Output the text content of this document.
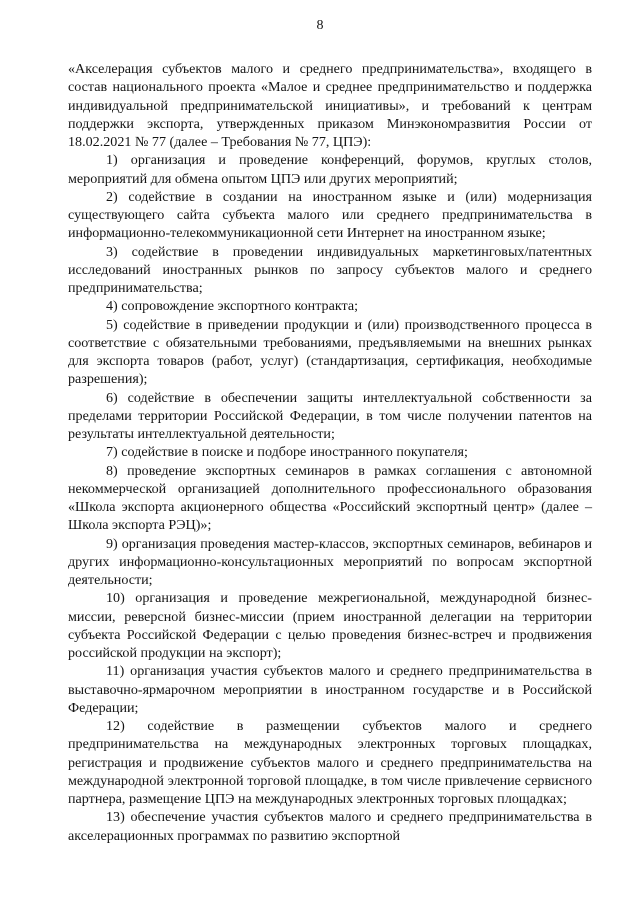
8

«Акселерация субъектов малого и среднего предпринимательства», входящего в состав национального проекта «Малое и среднее предпринимательство и поддержка индивидуальной предпринимательской инициативы», и требований к центрам поддержки экспорта, утвержденных приказом Минэкономразвития России от 18.02.2021 № 77 (далее – Требования № 77, ЦПЭ):

1) организация и проведение конференций, форумов, круглых столов, мероприятий для обмена опытом ЦПЭ или других мероприятий;

2) содействие в создании на иностранном языке и (или) модернизация существующего сайта субъекта малого или среднего предпринимательства в информационно-телекоммуникационной сети Интернет на иностранном языке;

3) содействие в проведении индивидуальных маркетинговых/патентных исследований иностранных рынков по запросу субъектов малого и среднего предпринимательства;

4) сопровождение экспортного контракта;

5) содействие в приведении продукции и (или) производственного процесса в соответствие с обязательными требованиями, предъявляемыми на внешних рынках для экспорта товаров (работ, услуг) (стандартизация, сертификация, необходимые разрешения);

6) содействие в обеспечении защиты интеллектуальной собственности за пределами территории Российской Федерации, в том числе получении патентов на результаты интеллектуальной деятельности;

7) содействие в поиске и подборе иностранного покупателя;

8) проведение экспортных семинаров в рамках соглашения с автономной некоммерческой организацией дополнительного профессионального образования «Школа экспорта акционерного общества «Российский экспортный центр» (далее – Школа экспорта РЭЦ)»;

9) организация проведения мастер-классов, экспортных семинаров, вебинаров и других информационно-консультационных мероприятий по вопросам экспортной деятельности;

10) организация и проведение межрегиональной, международной бизнес-миссии, реверсной бизнес-миссии (прием иностранной делегации на территории субъекта Российской Федерации с целью проведения бизнес-встреч и продвижения российской продукции на экспорт);

11) организация участия субъектов малого и среднего предпринимательства в выставочно-ярмарочном мероприятии в иностранном государстве и в Российской Федерации;

12) содействие в размещении субъектов малого и среднего предпринимательства на международных электронных торговых площадках, регистрация и продвижение субъектов малого и среднего предпринимательства на международной электронной торговой площадке, в том числе привлечение сервисного партнера, размещение ЦПЭ на международных электронных торговых площадках;

13) обеспечение участия субъектов малого и среднего предпринимательства в акселерационных программах по развитию экспортной
